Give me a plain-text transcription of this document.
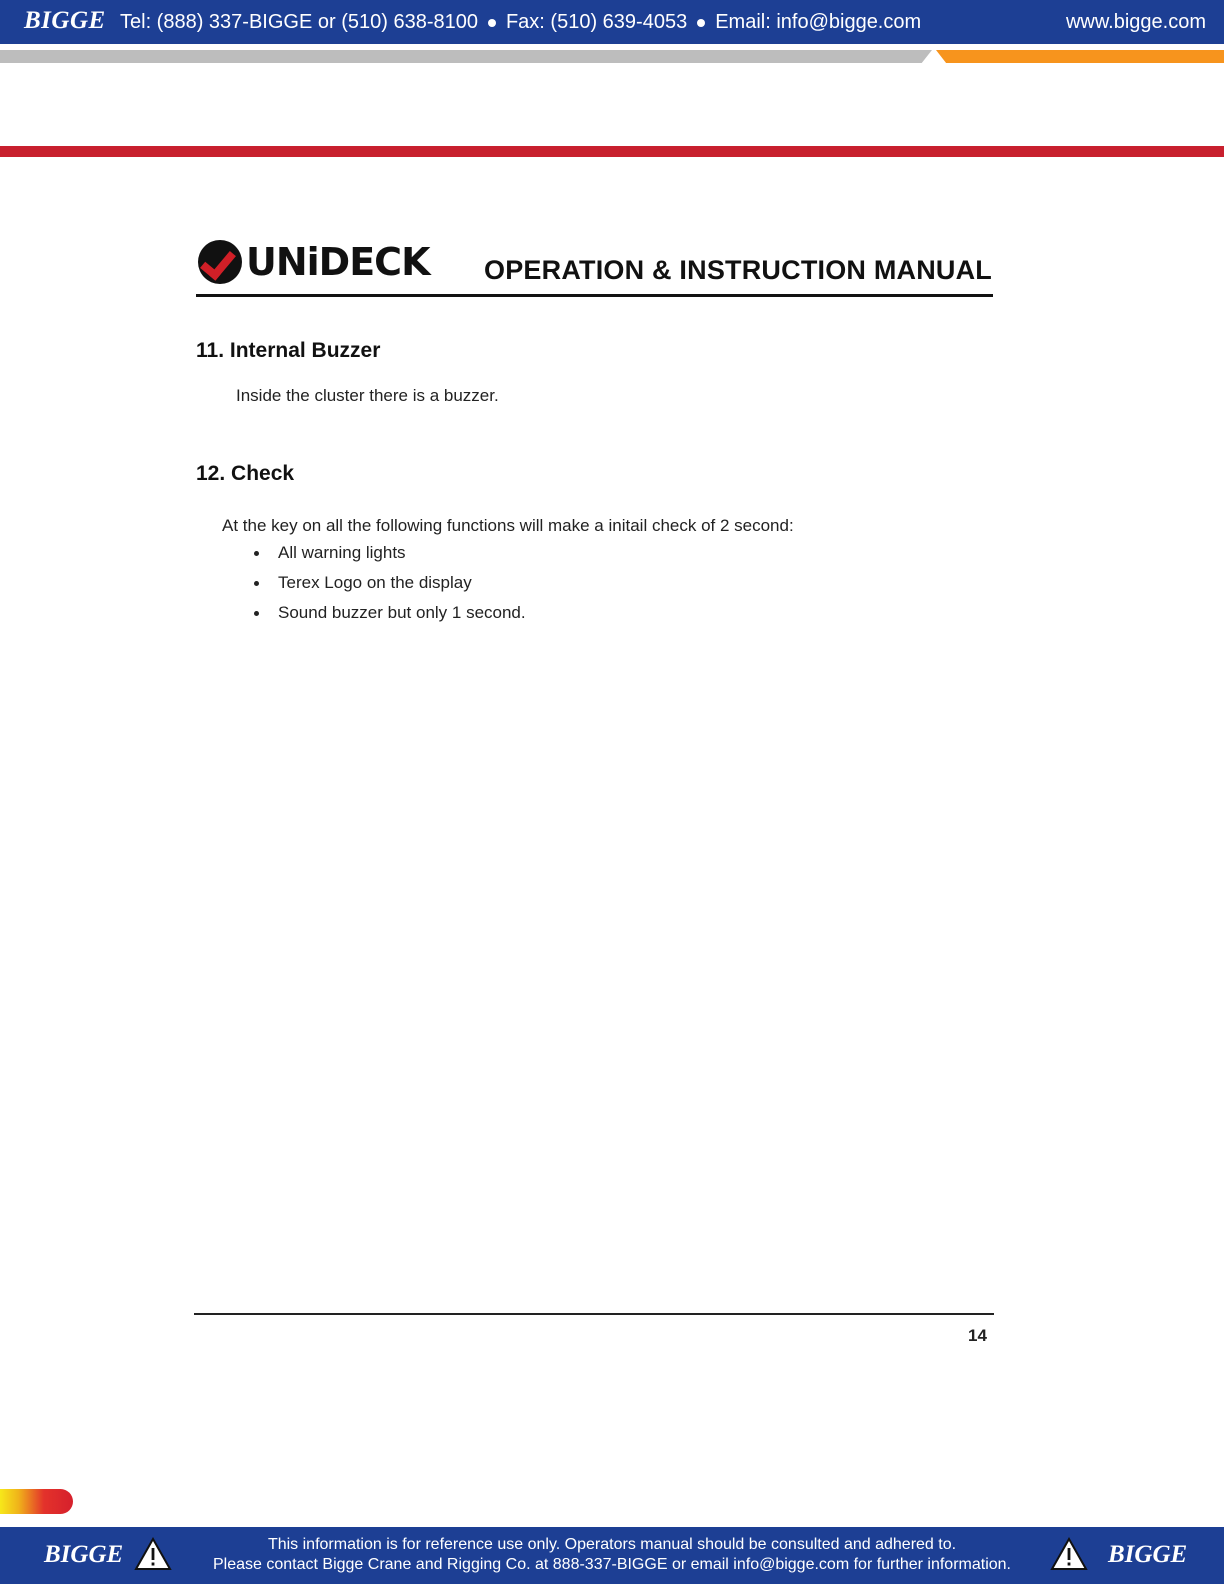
BIGGE Tel: (888) 337-BIGGE or (510) 638-8100 Fax: (510) 639-4053 Email: info@bigge.com	www.bigge.com
UNiDECK OPERATION & INSTRUCTION MANUAL
11. Internal Buzzer
Inside the cluster there is a buzzer.
12. Check
At the key on all the following functions will make a initail check of 2 second:
All warning lights
Terex Logo on the display
Sound buzzer but only 1 second.
14
BIGGE	This information is for reference use only. Operators manual should be consulted and adhered to.
Please contact Bigge Crane and Rigging Co. at 888-337-BIGGE or email info@bigge.com for further information.	BIGGE
